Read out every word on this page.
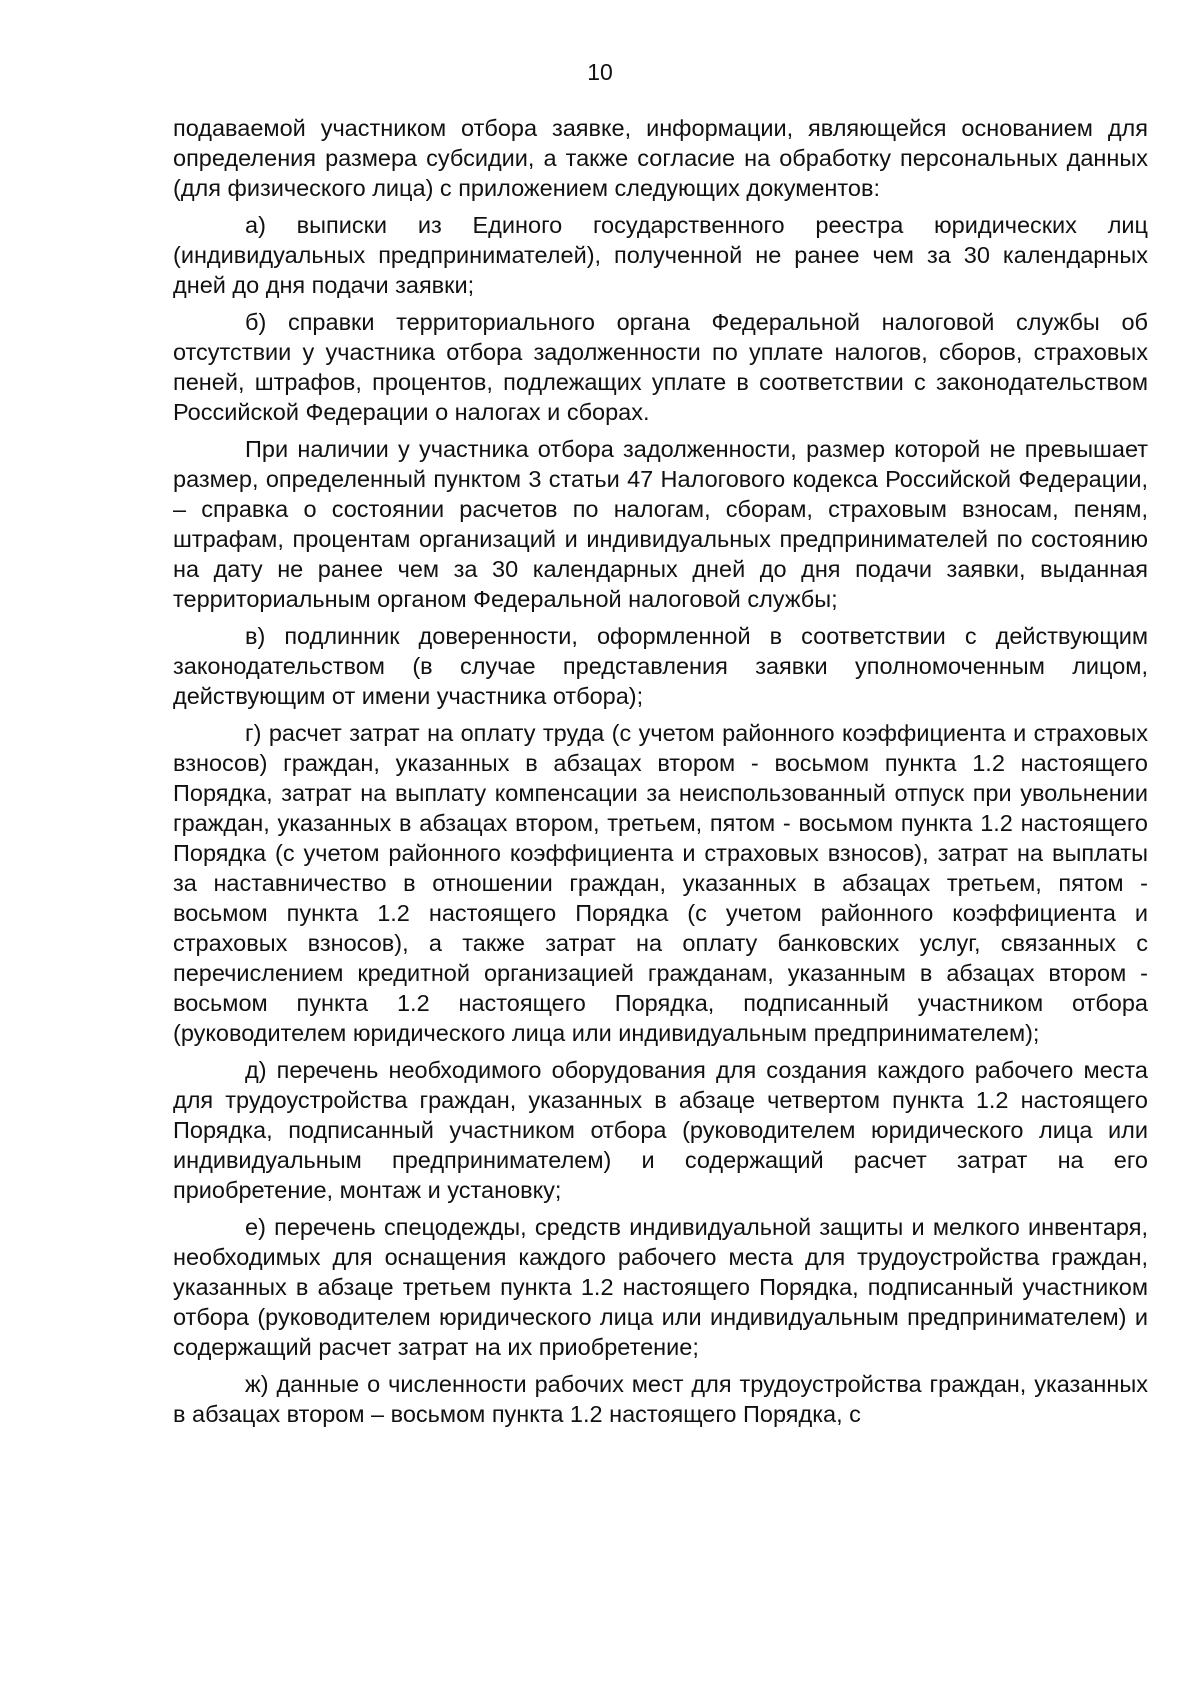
10

подаваемой участником отбора заявке, информации, являющейся основанием для определения размера субсидии, а также согласие на обработку персональных данных (для физического лица) с приложением следующих документов:

а) выписки из Единого государственного реестра юридических лиц (индивидуальных предпринимателей), полученной не ранее чем за 30 календарных дней до дня подачи заявки;

б) справки территориального органа Федеральной налоговой службы об отсутствии у участника отбора задолженности по уплате налогов, сборов, страховых пеней, штрафов, процентов, подлежащих уплате в соответствии с законодательством Российской Федерации о налогах и сборах.

При наличии у участника отбора задолженности, размер которой не превышает размер, определенный пунктом 3 статьи 47 Налогового кодекса Российской Федерации, – справка о состоянии расчетов по налогам, сборам, страховым взносам, пеням, штрафам, процентам организаций и индивидуальных предпринимателей по состоянию на дату не ранее чем за 30 календарных дней до дня подачи заявки, выданная территориальным органом Федеральной налоговой службы;

в) подлинник доверенности, оформленной в соответствии с действующим законодательством (в случае представления заявки уполномоченным лицом, действующим от имени участника отбора);

г) расчет затрат на оплату труда (с учетом районного коэффициента и страховых взносов) граждан, указанных в абзацах втором - восьмом пункта 1.2 настоящего Порядка, затрат на выплату компенсации за неиспользованный отпуск при увольнении граждан, указанных в абзацах втором, третьем, пятом - восьмом пункта 1.2 настоящего Порядка (с учетом районного коэффициента и страховых взносов), затрат на выплаты за наставничество в отношении граждан, указанных в абзацах третьем, пятом - восьмом пункта 1.2 настоящего Порядка (с учетом районного коэффициента и страховых взносов), а также затрат на оплату банковских услуг, связанных с перечислением кредитной организацией гражданам, указанным в абзацах втором - восьмом пункта 1.2 настоящего Порядка, подписанный участником отбора (руководителем юридического лица или индивидуальным предпринимателем);

д) перечень необходимого оборудования для создания каждого рабочего места для трудоустройства граждан, указанных в абзаце четвертом пункта 1.2 настоящего Порядка, подписанный участником отбора (руководителем юридического лица или индивидуальным предпринимателем) и содержащий расчет затрат на его приобретение, монтаж и установку;

е) перечень спецодежды, средств индивидуальной защиты и мелкого инвентаря, необходимых для оснащения каждого рабочего места для трудоустройства граждан, указанных в абзаце третьем пункта 1.2 настоящего Порядка, подписанный участником отбора (руководителем юридического лица или индивидуальным предпринимателем) и содержащий расчет затрат на их приобретение;

ж) данные о численности рабочих мест для трудоустройства граждан, указанных в абзацах втором – восьмом пункта 1.2 настоящего Порядка, с
